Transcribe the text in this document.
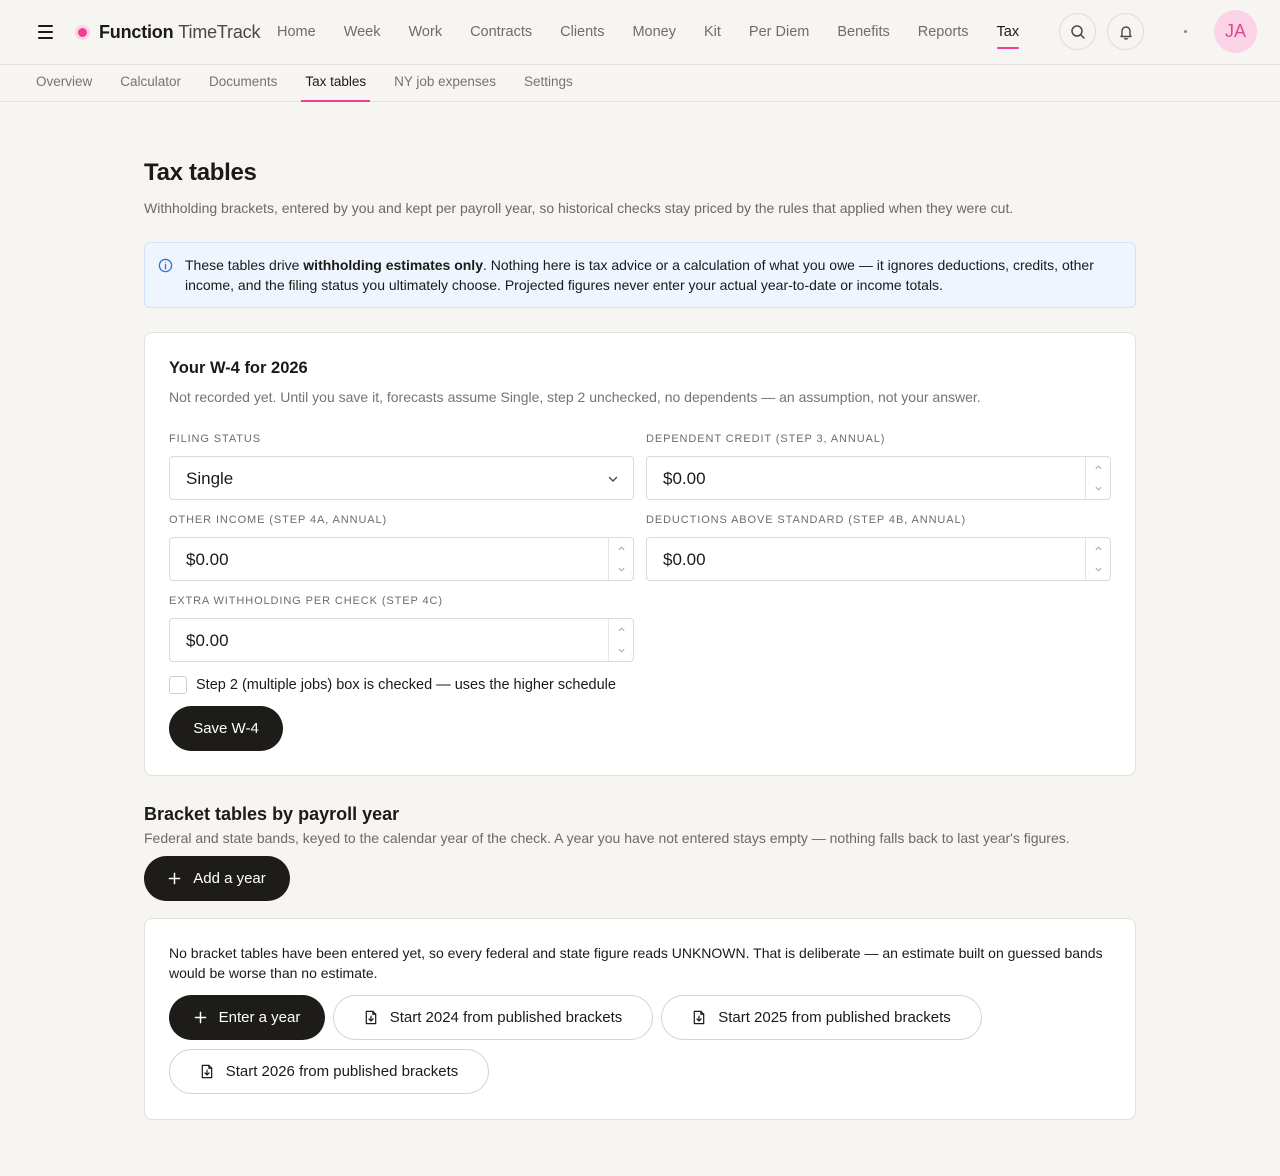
Function TimeTrack	Home	Week	Work	Contracts	Clients	Money	Kit	Per Diem	Benefits	Reports	Tax	JA
Overview	Calculator	Documents	Tax tables	NY job expenses	Settings
Tax tables

Withholding brackets, entered by you and kept per payroll year, so historical checks stay priced by the rules that applied when they were cut.

These tables drive withholding estimates only. Nothing here is tax advice or a calculation of what you owe — it ignores deductions, credits, other income, and the filing status you ultimately choose. Projected figures never enter your actual year-to-date or income totals.
Your W-4 for 2026
Not recorded yet. Until you save it, forecasts assume Single, step 2 unchecked, no dependents — an assumption, not your answer.
FILING STATUS
Single
DEPENDENT CREDIT (STEP 3, ANNUAL)
$0.00
OTHER INCOME (STEP 4A, ANNUAL)
$0.00
DEDUCTIONS ABOVE STANDARD (STEP 4B, ANNUAL)
$0.00
EXTRA WITHHOLDING PER CHECK (STEP 4C)
$0.00
Step 2 (multiple jobs) box is checked — uses the higher schedule
Save W-4
Bracket tables by payroll year

Federal and state bands, keyed to the calendar year of the check. A year you have not entered stays empty — nothing falls back to last year's figures.

Add a year
No bracket tables have been entered yet, so every federal and state figure reads UNKNOWN. That is deliberate — an estimate built on guessed bands would be worse than no estimate.
Enter a year	Start 2024 from published brackets	Start 2025 from published brackets
Start 2026 from published brackets
